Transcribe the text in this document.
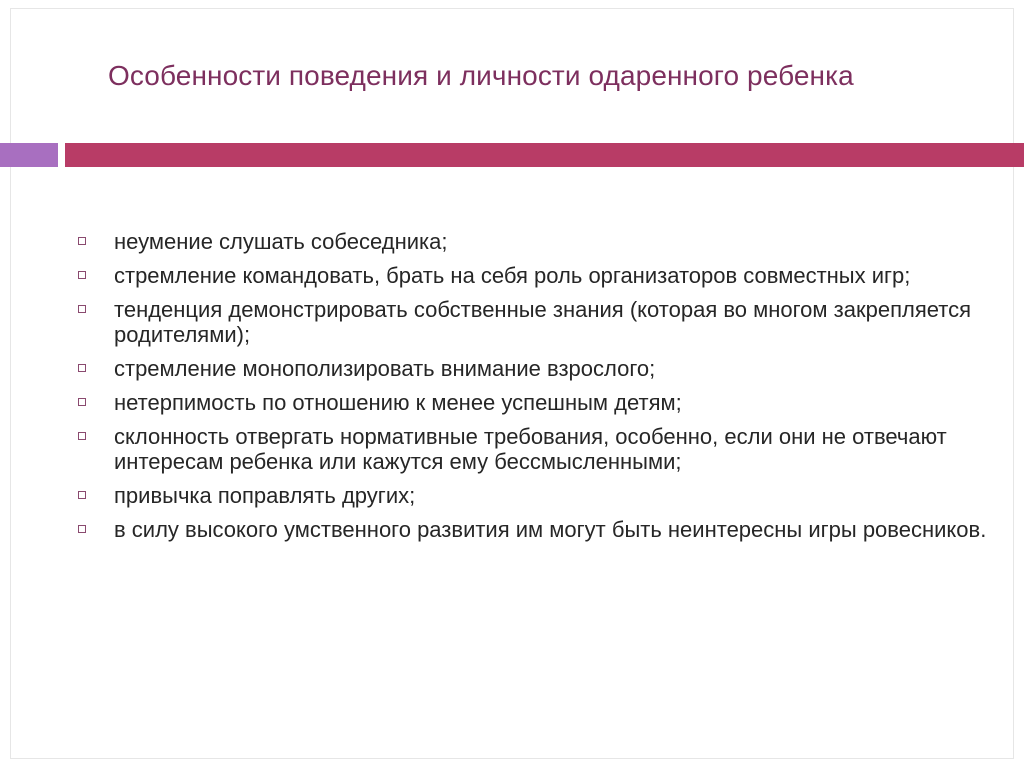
Особенности поведения и личности одаренного ребенка
неумение слушать собеседника;
стремление командовать, брать на себя роль организаторов совместных игр;
тенденция демонстрировать собственные знания (которая во многом закрепляется родителями);
стремление монополизировать внимание взрослого;
нетерпимость по отношению к менее успешным детям;
склонность отвергать нормативные требования, особенно, если они не отвечают интересам ребенка или кажутся ему бессмысленными;
привычка поправлять других;
в силу высокого умственного развития им могут быть неинтересны игры ровесников.
